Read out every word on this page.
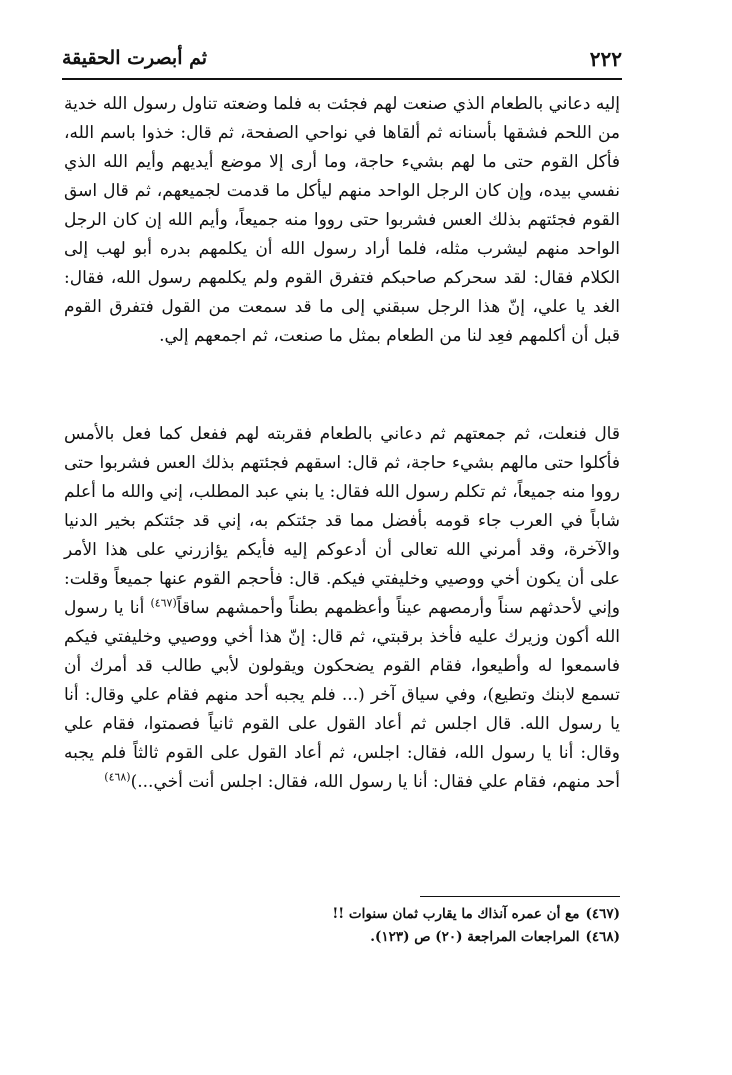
٢٢٢
ثم أبصرت الحقيقة

إليه دعاني بالطعام الذي صنعت لهم فجئت به فلما وضعته تناول رسول الله خدية من اللحم فشقها بأسنانه ثم ألقاها في نواحي الصفحة، ثم قال: خذوا باسم الله، فأكل القوم حتى ما لهم بشيء حاجة، وما أرى إلا موضع أيديهم وأيم الله الذي نفسي بيده، وإن كان الرجل الواحد منهم ليأكل ما قدمت لجميعهم، ثم قال اسق القوم فجئتهم بذلك العس فشربوا حتى رووا منه جميعاً، وأيم الله إن كان الرجل الواحد منهم ليشرب مثله، فلما أراد رسول الله أن يكلمهم بدره أبو لهب إلى الكلام فقال: لقد سحركم صاحبكم فتفرق القوم ولم يكلمهم رسول الله، فقال: الغد يا علي، إنّ هذا الرجل سبقني إلى ما قد سمعت من القول فتفرق القوم قبل أن أكلمهم فعِد لنا من الطعام بمثل ما صنعت، ثم اجمعهم إلي.

قال فنعلت، ثم جمعتهم ثم دعاني بالطعام فقربته لهم ففعل كما فعل بالأمس فأكلوا حتى مالهم بشيء حاجة، ثم قال: اسقهم فجئتهم بذلك العس فشربوا حتى رووا منه جميعاً، ثم تكلم رسول الله فقال: يا بني عبد المطلب، إني والله ما أعلم شاباً في العرب جاء قومه بأفضل مما قد جئتكم به، إني قد جئتكم بخير الدنيا والآخرة، وقد أمرني الله تعالى أن أدعوكم إليه فأيكم يؤازرني على هذا الأمر على أن يكون أخي ووصيي وخليفتي فيكم. قال: فأحجم القوم عنها جميعاً وقلت: وإني لأحدثهم سناً وأرمصهم عيناً وأعظمهم بطناً وأحمشهم ساقاً$^{(٤٦٧)}$ أنا يا رسول الله أكون وزيرك عليه فأخذ برقبتي، ثم قال: إنّ هذا أخي ووصيي وخليفتي فيكم فاسمعوا له وأطيعوا، فقام القوم يضحكون ويقولون لأبي طالب قد أمرك أن تسمع لابنك وتطيع)، وفي سياق آخر (... فلم يجبه أحد منهم فقام علي وقال: أنا يا رسول الله. قال اجلس ثم أعاد القول على القوم ثانياً فصمتوا، فقام علي وقال: أنا يا رسول الله، فقال: اجلس، ثم أعاد القول على القوم ثالثاً فلم يجبه أحد منهم، فقام علي فقال: أنا يا رسول الله، فقال: اجلس أنت أخي...)$^{(٤٦٨)}$

(٤٦٧)مع أن عمره آنذاك ما يقارب ثمان سنوات !!

(٤٦٨)المراجعات المراجعة (٢٠) ص (١٢٣).
